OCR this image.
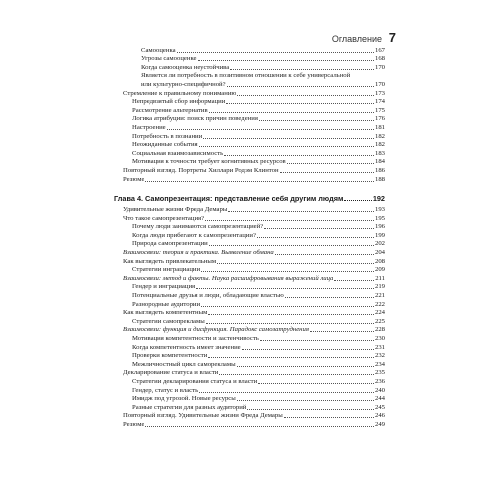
Оглавление 7
Самооценка	167
Угрозы самооценке	168
Когда самооценка неустойчива	170
Является ли потребность в позитивном отношении к себе универсальной
или культурно-специфичной?	170
Стремление к правильному пониманию	173
Непредвзятый сбор информации	174
Рассмотрение альтернатив	175
Логика атрибуции: поиск причин поведения	176
Настроение	181
Потребность в познании	182
Неожиданные события	182
Социальная взаимозависимость	183
Мотивация к точности требует когнитивных ресурсов	184
Повторный взгляд. Портреты Хиллари Родэм Клинтон	186
Резюме	188
Глава 4. Самопрезентация: представление себя другим людям	192
Удивительные жизни Фреда Демары	193
Что такое самопрезентация?	195
Почему люди занимаются самопрезентацией?	196
Когда люди прибегают к самопрезентации?	199
Природа самопрезентации	202
Взаимосвязи: теория и практика. Выявление обмана	204
Как выглядеть привлекательным	208
Стратегии инграциации	209
Взаимосвязи: метод и факты. Наука расшифровывания выражений лица	211
Гендер и инграциация	219
Потенциальные друзья и люди, обладающие властью	221
Разнородные аудитории	222
Как выглядеть компетентным	224
Стратегии самопрекламы	225
Взаимосвязи: функция и дисфункция. Парадокс самозатруднения	228
Мотивация компетентности и застенчивость	230
Когда компетентность имеет значение	231
Проверки компетентности	232
Межличностный цикл саморекламы	234
Декларирование статуса и власти	235
Стратегии декларирования статуса и власти	236
Гендер, статус и власть	240
Имидж под угрозой. Новые ресурсы	244
Разные стратегии для разных аудиторий	245
Повторный взгляд. Удивительные жизни Фреда Демары	246
Резюме	249
